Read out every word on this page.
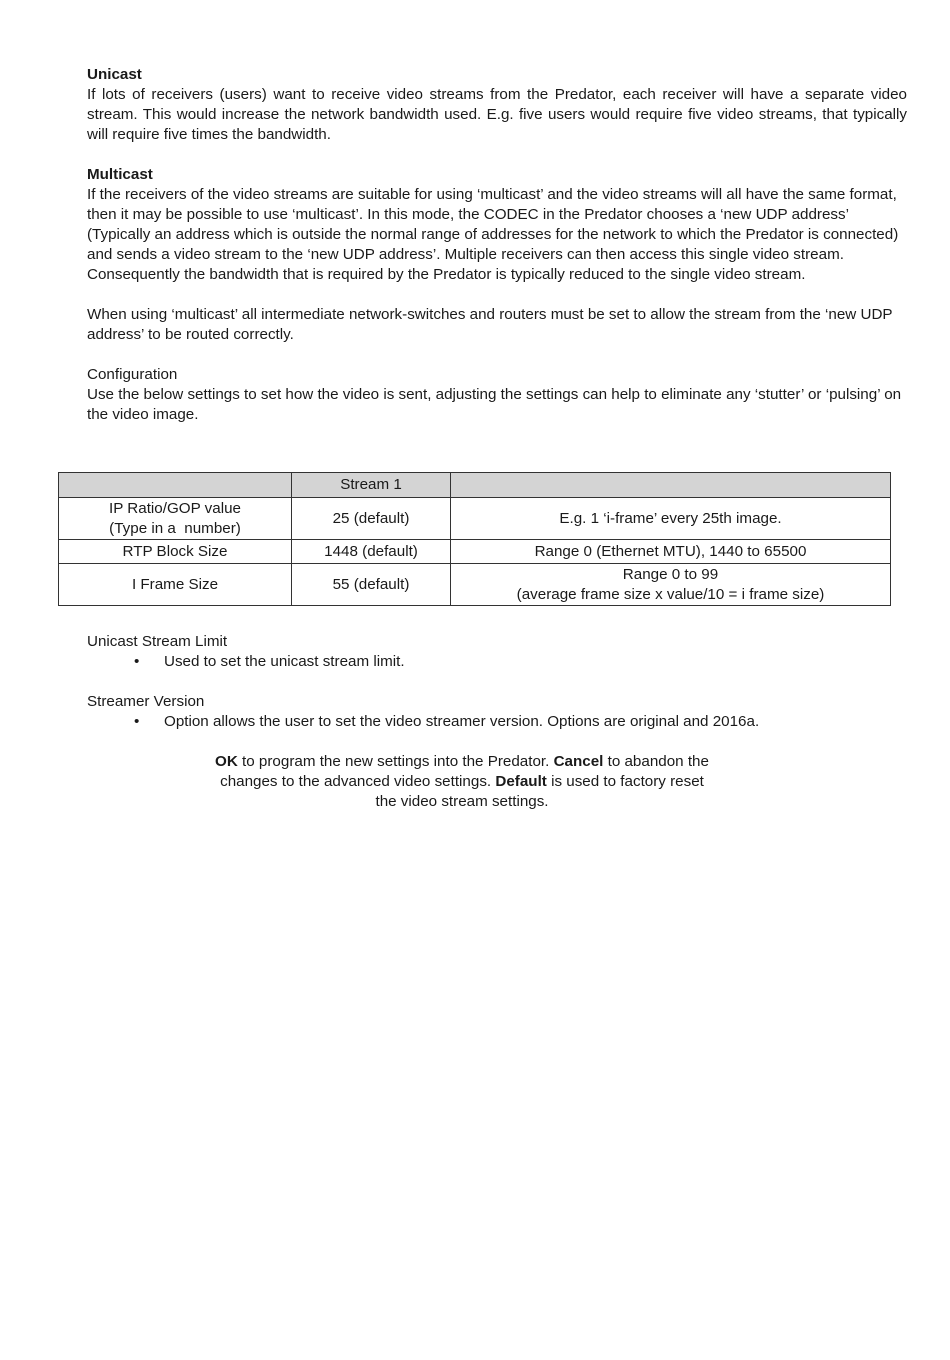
Unicast

If lots of receivers (users) want to receive video streams from the Predator, each receiver will have a separate video stream. This would increase the network bandwidth used. E.g. five users would require five video streams, that typically will require five times the bandwidth.

Multicast

If the receivers of the video streams are suitable for using ‘multicast’ and the video streams will all have the same format, then it may be possible to use ‘multicast’. In this mode, the CODEC in the Predator chooses a ‘new UDP address’ (Typically an address which is outside the normal range of addresses for the network to which the Predator is connected) and sends a video stream to the ‘new UDP address’. Multiple receivers can then access this single video stream. Consequently the bandwidth that is required by the Predator is typically reduced to the single video stream.

When using ‘multicast’ all intermediate network-switches and routers must be set to allow the stream from the ‘new UDP address’ to be routed correctly.

Configuration

Use the below settings to set how the video is sent, adjusting the settings can help to eliminate any ‘stutter’ or ‘pulsing’ on the video image.

	Stream 1	

IP Ratio/GOP value
(Type in a  number)	25 (default)	E.g. 1 ‘i-frame’ every 25th image.
RTP Block Size	1448 (default)	Range 0 (Ethernet MTU), 1440 to 65500
I Frame Size	55 (default)	Range 0 to 99
(average frame size x value/10 = i frame size)

Unicast Stream Limit

• Used to set the unicast stream limit.

Streamer Version

• Option allows the user to set the video streamer version. Options are original and 2016a.
OK to program the new settings into the Predator. Cancel to abandon the changes to the advanced video settings. Default is used to factory reset the video stream settings.
